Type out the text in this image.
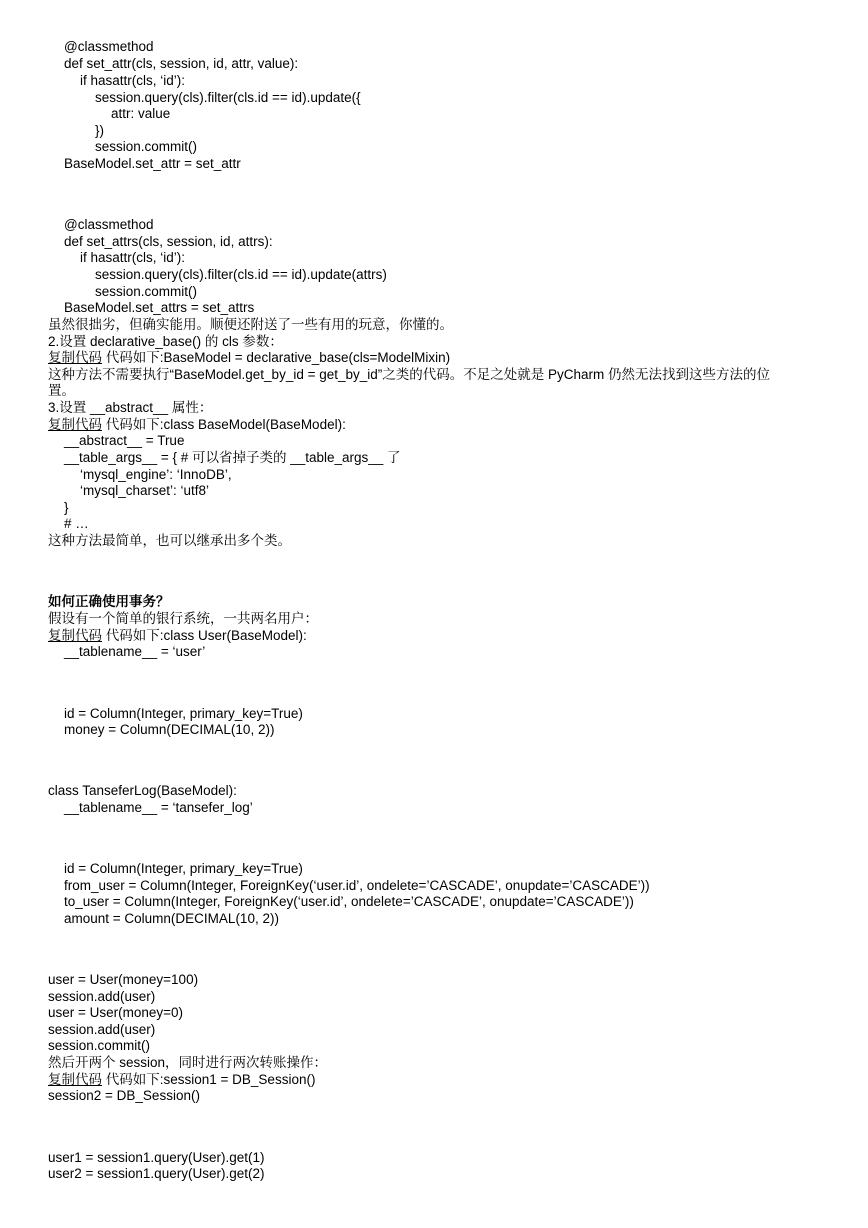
@classmethod
def set_attr(cls, session, id, attr, value):
if hasattr(cls, ‘id’):
session.query(cls).filter(cls.id == id).update({
attr: value
})
session.commit()
BaseModel.set_attr = set_attr
@classmethod
def set_attrs(cls, session, id, attrs):
if hasattr(cls, ‘id’):
session.query(cls).filter(cls.id == id).update(attrs)
session.commit()
BaseModel.set_attrs = set_attrs
虽然很拙劣，但确实能用。顺便还附送了一些有用的玩意，你懂的。
2.设置 declarative_base() 的 cls 参数：
复制代码 代码如下:BaseModel = declarative_base(cls=ModelMixin)
这种方法不需要执行“BaseModel.get_by_id = get_by_id”之类的代码。不足之处就是 PyCharm 仍然无法找到这些方法的位
置。
3.设置 __abstract__ 属性：
复制代码 代码如下:class BaseModel(BaseModel):
__abstract__ = True
__table_args__ = { # 可以省掉子类的 __table_args__ 了
‘mysql_engine’: ‘InnoDB’,
‘mysql_charset’: ‘utf8’
}
# …
这种方法最简单，也可以继承出多个类。
如何正确使用事务？
假设有一个简单的银行系统，一共两名用户：
复制代码 代码如下:class User(BaseModel):
__tablename__ = ‘user’
id = Column(Integer, primary_key=True)
money = Column(DECIMAL(10, 2))
class TanseferLog(BaseModel):
__tablename__ = ‘tansefer_log’
id = Column(Integer, primary_key=True)
from_user = Column(Integer, ForeignKey(‘user.id’, ondelete=’CASCADE’, onupdate=’CASCADE’))
to_user = Column(Integer, ForeignKey(‘user.id’, ondelete=’CASCADE’, onupdate=’CASCADE’))
amount = Column(DECIMAL(10, 2))
user = User(money=100)
session.add(user)
user = User(money=0)
session.add(user)
session.commit()
然后开两个 session，同时进行两次转账操作：
复制代码 代码如下:session1 = DB_Session()
session2 = DB_Session()
user1 = session1.query(User).get(1)
user2 = session1.query(User).get(2)
